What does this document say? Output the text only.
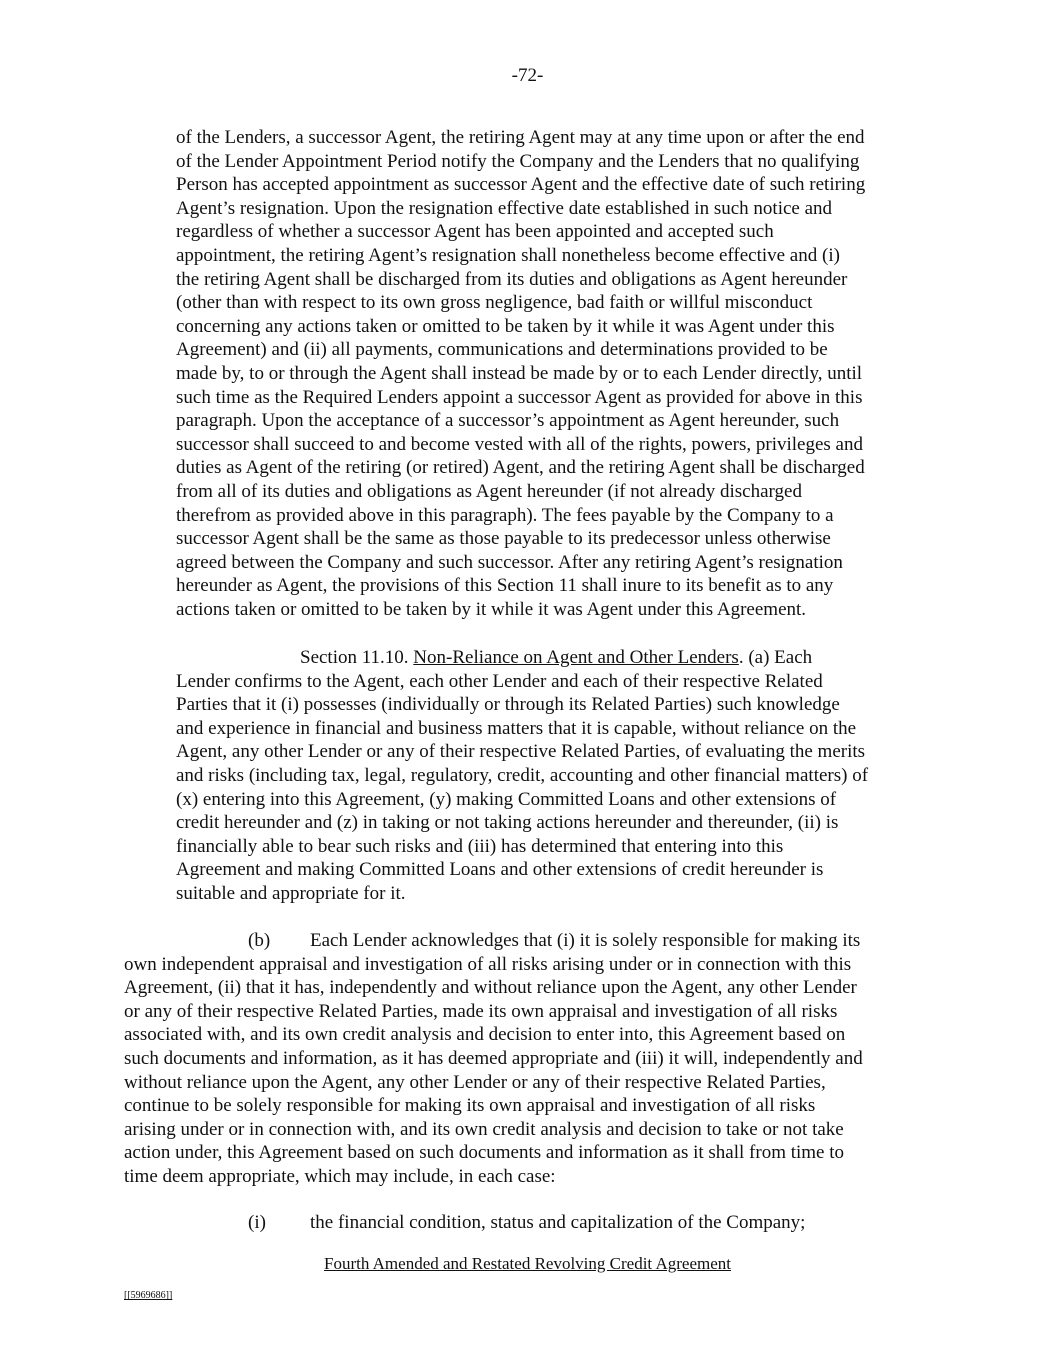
-72-
of the Lenders, a successor Agent, the retiring Agent may at any time upon or after the end
of the Lender Appointment Period notify the Company and the Lenders that no qualifying
Person has accepted appointment as successor Agent and the effective date of such retiring
Agent’s resignation. Upon the resignation effective date established in such notice and
regardless of whether a successor Agent has been appointed and accepted such
appointment, the retiring Agent’s resignation shall nonetheless become effective and (i)
the retiring Agent shall be discharged from its duties and obligations as Agent hereunder
(other than with respect to its own gross negligence, bad faith or willful misconduct
concerning any actions taken or omitted to be taken by it while it was Agent under this
Agreement) and (ii) all payments, communications and determinations provided to be
made by, to or through the Agent shall instead be made by or to each Lender directly, until
such time as the Required Lenders appoint a successor Agent as provided for above in this
paragraph. Upon the acceptance of a successor’s appointment as Agent hereunder, such
successor shall succeed to and become vested with all of the rights, powers, privileges and
duties as Agent of the retiring (or retired) Agent, and the retiring Agent shall be discharged
from all of its duties and obligations as Agent hereunder (if not already discharged
therefrom as provided above in this paragraph). The fees payable by the Company to a
successor Agent shall be the same as those payable to its predecessor unless otherwise
agreed between the Company and such successor. After any retiring Agent’s resignation
hereunder as Agent, the provisions of this Section 11 shall inure to its benefit as to any
actions taken or omitted to be taken by it while it was Agent under this Agreement.
Section 11.10. Non-Reliance on Agent and Other Lenders. (a) Each
Lender confirms to the Agent, each other Lender and each of their respective Related
Parties that it (i) possesses (individually or through its Related Parties) such knowledge
and experience in financial and business matters that it is capable, without reliance on the
Agent, any other Lender or any of their respective Related Parties, of evaluating the merits
and risks (including tax, legal, regulatory, credit, accounting and other financial matters) of
(x) entering into this Agreement, (y) making Committed Loans and other extensions of
credit hereunder and (z) in taking or not taking actions hereunder and thereunder, (ii) is
financially able to bear such risks and (iii) has determined that entering into this
Agreement and making Committed Loans and other extensions of credit hereunder is
suitable and appropriate for it.
(b) Each Lender acknowledges that (i) it is solely responsible for making its
own independent appraisal and investigation of all risks arising under or in connection with this
Agreement, (ii) that it has, independently and without reliance upon the Agent, any other Lender
or any of their respective Related Parties, made its own appraisal and investigation of all risks
associated with, and its own credit analysis and decision to enter into, this Agreement based on
such documents and information, as it has deemed appropriate and (iii) it will, independently and
without reliance upon the Agent, any other Lender or any of their respective Related Parties,
continue to be solely responsible for making its own appraisal and investigation of all risks
arising under or in connection with, and its own credit analysis and decision to take or not take
action under, this Agreement based on such documents and information as it shall from time to
time deem appropriate, which may include, in each case:
(i) the financial condition, status and capitalization of the Company;
Fourth Amended and Restated Revolving Credit Agreement
[[5969686]]
